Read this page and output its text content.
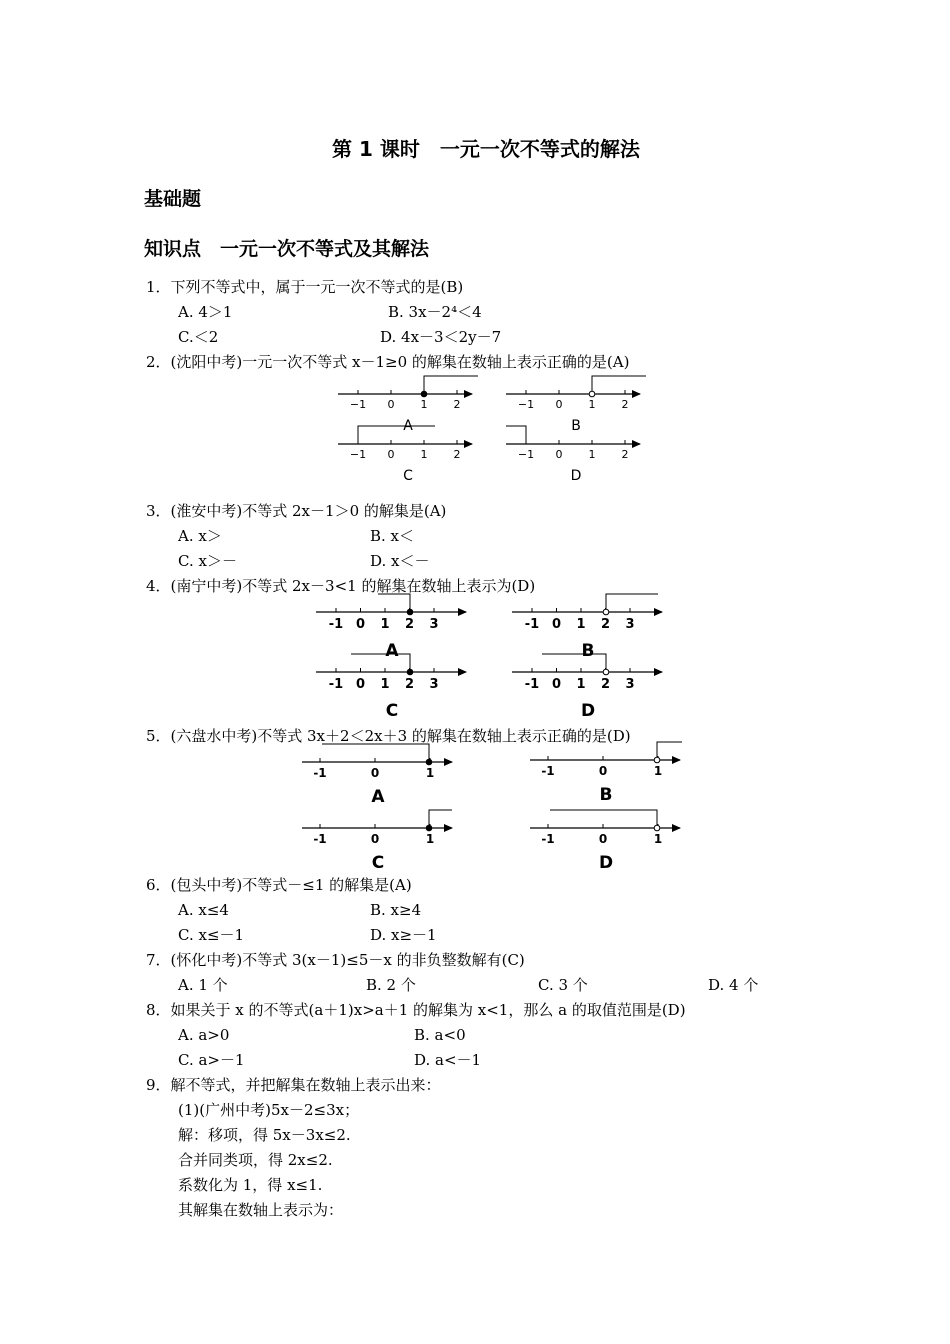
第 1 课时　一元一次不等式的解法
基础题
知识点　一元一次不等式及其解法
1．下列不等式中，属于一元一次不等式的是(B)
A. 4＞1	B. 3x－2⁴＜4
C.＜2	D. 4x－3＜2y－7
2．(沈阳中考)一元一次不等式 x－1≥0 的解集在数轴上表示正确的是(A)
−1 0 1 2
A
−1 0 1 2
B
−1 0 1 2
C
−1 0 1 2
D
3．(淮安中考)不等式 2x－1＞0 的解集是(A)
A. x＞	B. x＜
C. x＞－	D. x＜－
4．(南宁中考)不等式 2x－3<1 的解集在数轴上表示为(D)
-1 0 1 2 3
A
-1 0 1 2 3
B
-1 0 1 2 3
C
-1 0 1 2 3
D
5．(六盘水中考)不等式 3x＋2＜2x＋3 的解集在数轴上表示正确的是(D)
-1	0	1
A
-1	0	1
B
-1	0	1
C
-1	0	1
D
6．(包头中考)不等式－≤1 的解集是(A)
A. x≤4	B. x≥4
C. x≤－1	D. x≥－1
7．(怀化中考)不等式 3(x－1)≤5－x 的非负整数解有(C)
A. 1 个	B. 2 个	C. 3 个	D. 4 个
8．如果关于 x 的不等式(a＋1)x>a＋1 的解集为 x<1，那么 a 的取值范围是(D)
A. a>0	B. a<0
C. a>－1	D. a<－1
9．解不等式，并把解集在数轴上表示出来：
(1)(广州中考)5x－2≤3x；
解：移项，得 5x－3x≤2.
合并同类项，得 2x≤2.
系数化为 1，得 x≤1.
其解集在数轴上表示为：
